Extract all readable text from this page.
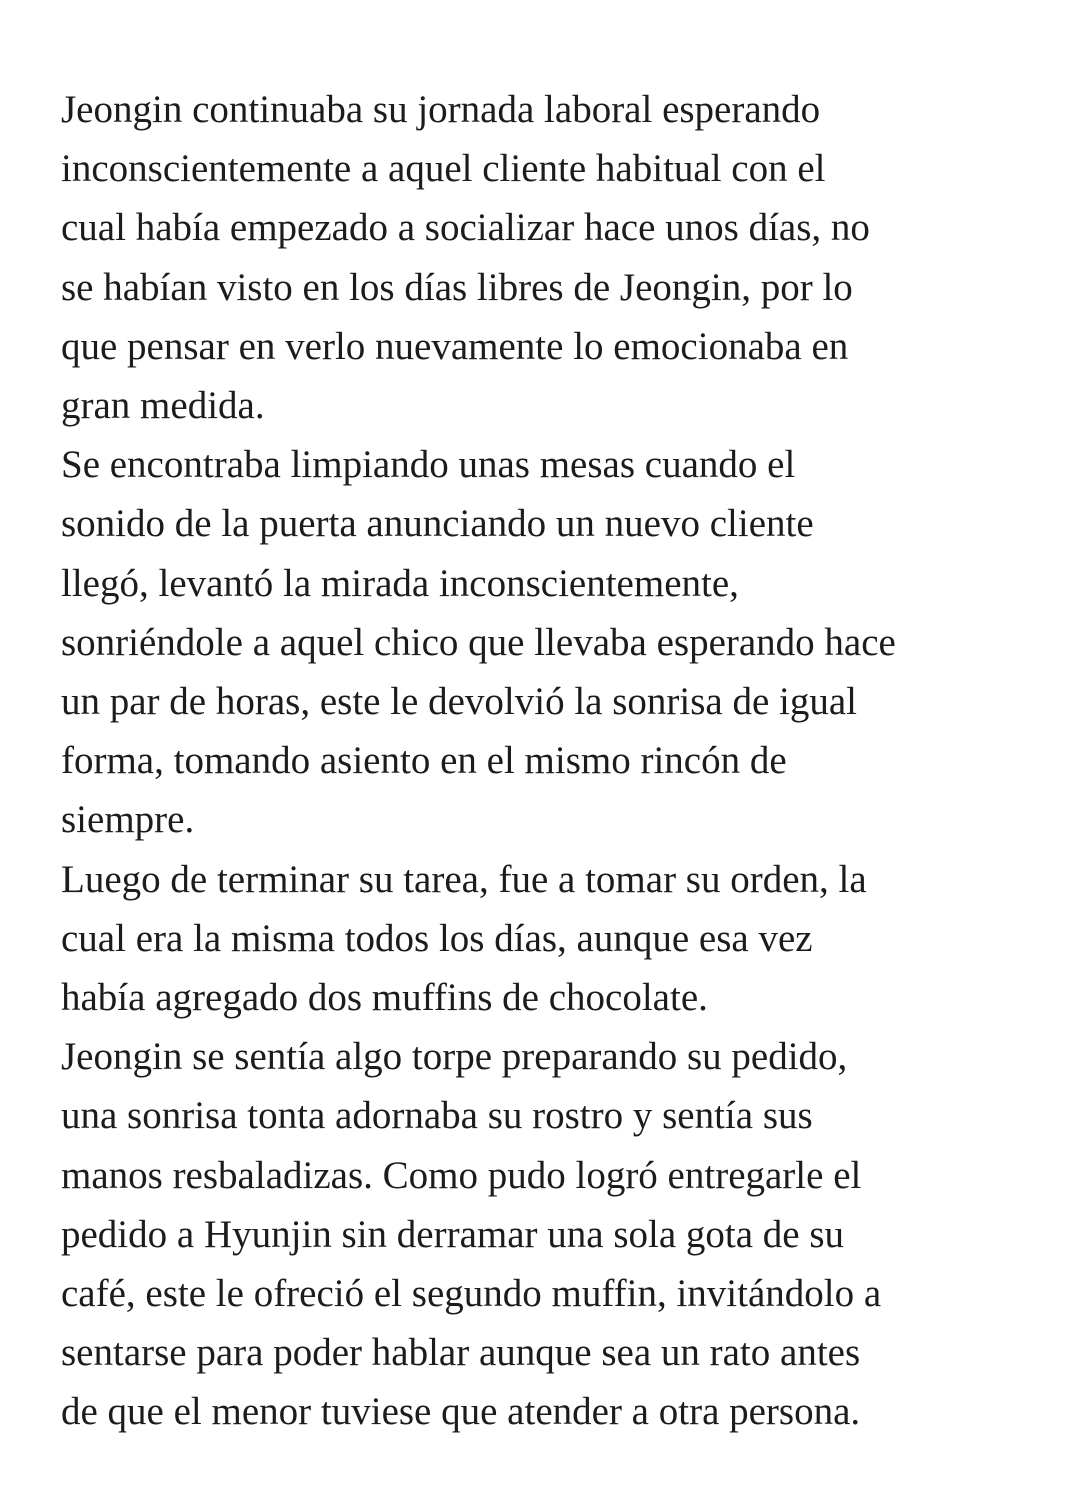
Jeongin continuaba su jornada laboral esperando
inconscientemente a aquel cliente habitual con el
cual había empezado a socializar hace unos días, no
se habían visto en los días libres de Jeongin, por lo
que pensar en verlo nuevamente lo emocionaba en
gran medida.

Se encontraba limpiando unas mesas cuando el
sonido de la puerta anunciando un nuevo cliente
llegó, levantó la mirada inconscientemente,
sonriéndole a aquel chico que llevaba esperando hace
un par de horas, este le devolvió la sonrisa de igual
forma, tomando asiento en el mismo rincón de
siempre.

Luego de terminar su tarea, fue a tomar su orden, la
cual era la misma todos los días, aunque esa vez
había agregado dos muffins de chocolate.

Jeongin se sentía algo torpe preparando su pedido,
una sonrisa tonta adornaba su rostro y sentía sus
manos resbaladizas. Como pudo logró entregarle el
pedido a Hyunjin sin derramar una sola gota de su
café, este le ofreció el segundo muffin, invitándolo a
sentarse para poder hablar aunque sea un rato antes
de que el menor tuviese que atender a otra persona.
